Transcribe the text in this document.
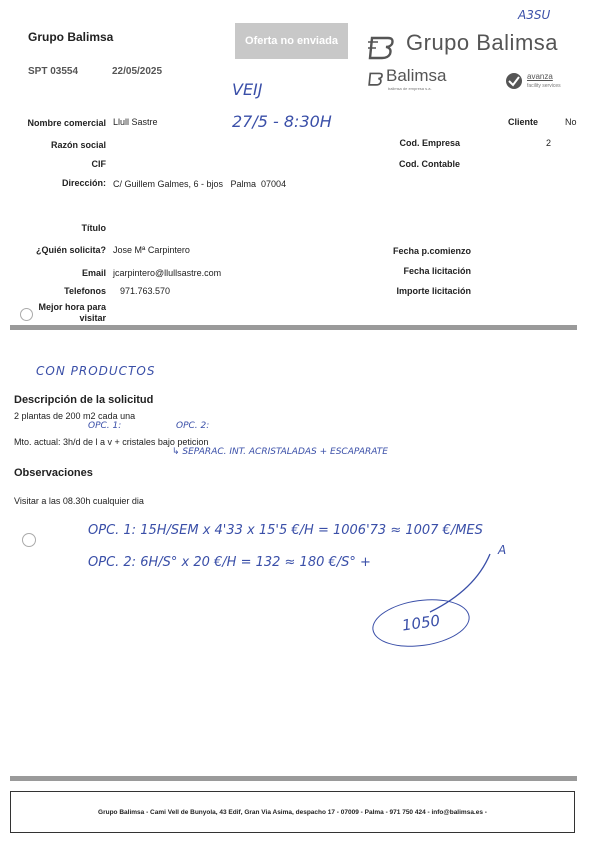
Grupo Balimsa
SPT 03554	22/05/2025
Oferta no enviada	Grupo Balimsa
A3SU
Balimsa
balimsa de empresa s.a.
avanza
facility services
VEIJ
27/5 - 8:30H
Nombre comercial Llull Sastre
Razón social
CIF
Dirección: C/ Guillem Galmes, 6 - bjos   Palma  07004
Cliente	No
Cod. Empresa	2
Cod. Contable
Título
¿Quién solicita? Jose Mª Carpintero
Email jcarpintero@llullsastre.com
Telefonos 971.763.570
Mejor hora para
visitar
Fecha p.comienzo
Fecha licitación
Importe licitación
CON PRODUCTOS
Descripción de la solicitud
2 plantas de 200 m2 cada una
OPC. 1:	OPC. 2:
Mto. actual: 3h/d de l a v + cristales bajo peticion
↳ SEPARAC. INT. ACRISTALADAS + ESCAPARATE
Observaciones
Visitar a las 08.30h cualquier dia
OPC. 1: 15H/SEM x 4'33 x 15'5 €/H = 1006'73 ≈ 1007 €/MES
OPC. 2: 6H/S° x 20 €/H = 132 ≈ 180 €/S° +
A
1050
Grupo Balimsa - Cami Vell de Bunyola, 43 Edif, Gran Via Asima, despacho 17 - 07009 - Palma - 971 750 424 - info@balimsa.es -
